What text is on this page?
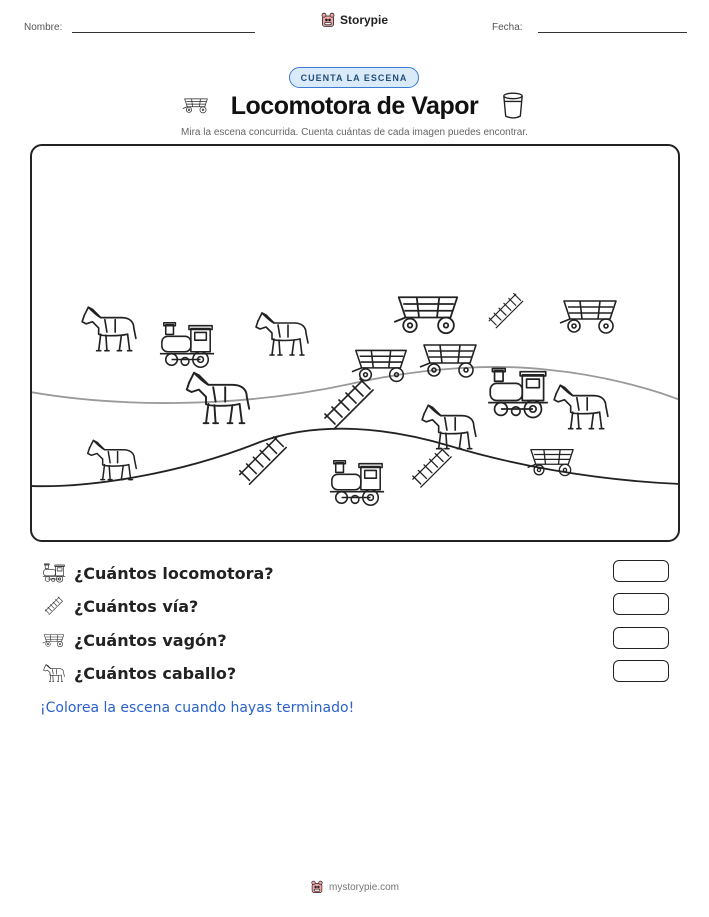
Nombre:
Storypie
Fecha:
CUENTA LA ESCENA
Locomotora de Vapor
Mira la escena concurrida. Cuenta cuántas de cada imagen puedes encontrar.
¿Cuántos locomotora?
¿Cuántos vía?
¿Cuántos vagón?
¿Cuántos caballo?
¡Colorea la escena cuando hayas terminado!
mystorypie.com
